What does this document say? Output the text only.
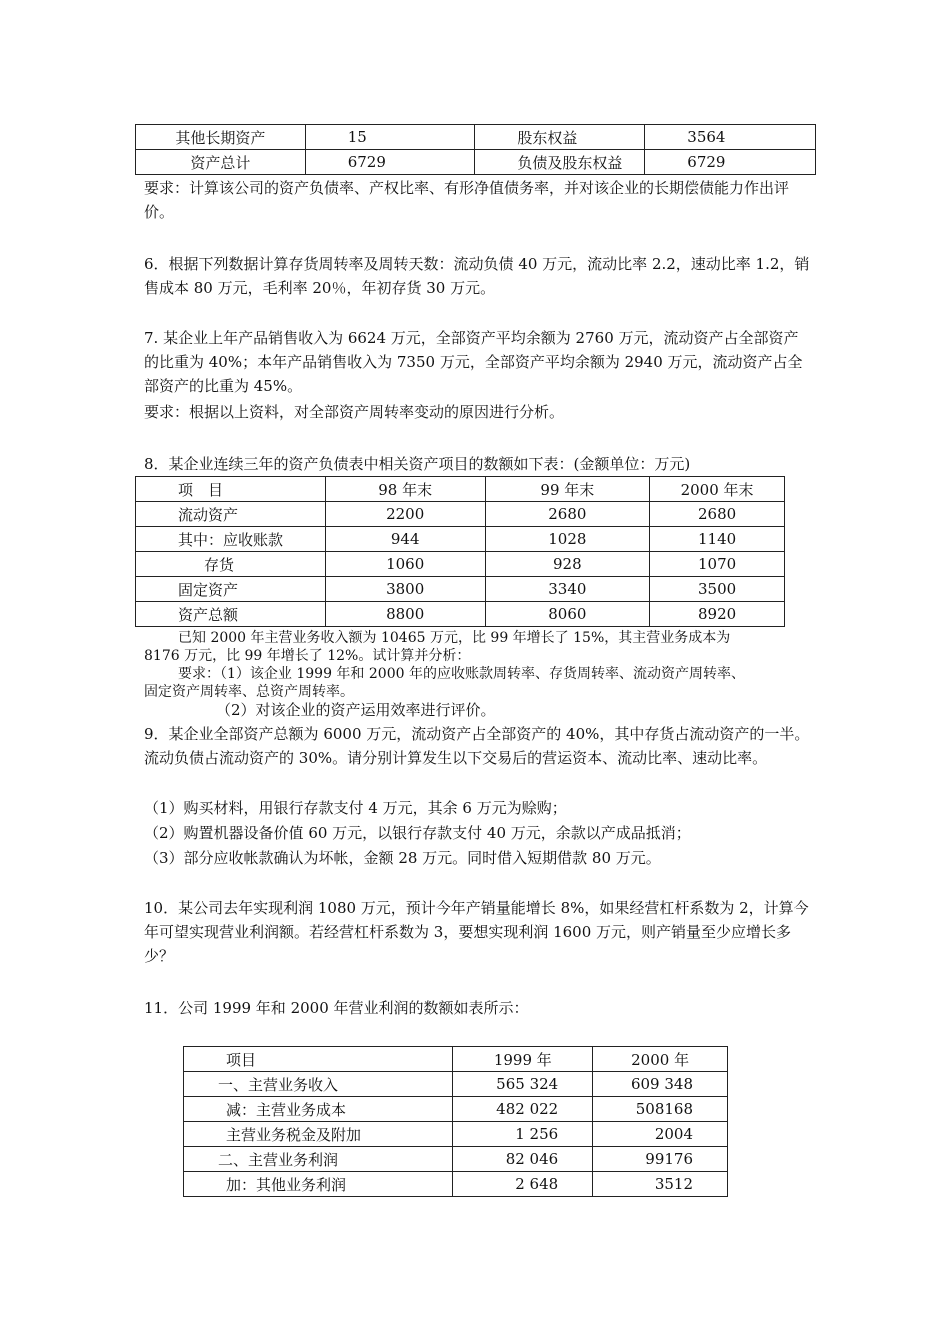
其他长期资产	15	股东权益	3564
资产总计	6729	负债及股东权益	6729
要求：计算该公司的资产负债率、产权比率、有形净值债务率，并对该企业的长期偿债能力作出评价。
6．根据下列数据计算存货周转率及周转天数：流动负债 40 万元，流动比率 2.2，速动比率 1.2，销售成本 80 万元，毛利率 20％，年初存货 30 万元。
7. 某企业上年产品销售收入为 6624 万元，全部资产平均余额为 2760 万元，流动资产占全部资产的比重为 40%；本年产品销售收入为 7350 万元，全部资产平均余额为 2940 万元，流动资产占全部资产的比重为 45%。
要求：根据以上资料，对全部资产周转率变动的原因进行分析。
8．某企业连续三年的资产负债表中相关资产项目的数额如下表：(金额单位：万元)
项　目	98 年末	99 年末	2000 年末
流动资产	2200	2680	2680
其中：应收账款	944	1028	1140
存货	1060	928	1070
固定资产	3800	3340	3500
资产总额	8800	8060	8920
已知 2000 年主营业务收入额为 10465 万元，比 99 年增长了 15%，其主营业务成本为
8176 万元，比 99 年增长了 12%。试计算并分析：
要求：（1）该企业 1999 年和 2000 年的应收账款周转率、存货周转率、流动资产周转率、
固定资产周转率、总资产周转率。
（2）对该企业的资产运用效率进行评价。
9．某企业全部资产总额为 6000 万元，流动资产占全部资产的 40%，其中存货占流动资产的一半。流动负债占流动资产的 30%。请分别计算发生以下交易后的营运资本、流动比率、速动比率。
（1）购买材料，用银行存款支付 4 万元，其余 6 万元为赊购；
（2）购置机器设备价值 60 万元，以银行存款支付 40 万元，余款以产成品抵消；
（3）部分应收帐款确认为坏帐，金额 28 万元。同时借入短期借款 80 万元。
10．某公司去年实现利润 1080 万元，预计今年产销量能增长 8%，如果经营杠杆系数为 2，计算今年可望实现营业利润额。若经营杠杆系数为 3，要想实现利润 1600 万元，则产销量至少应增长多少？
11．公司 1999 年和 2000 年营业利润的数额如表所示：
项目	1999 年	2000 年
一、主营业务收入	565 324	609 348
减：主营业务成本	482 022	508168
主营业务税金及附加	1 256	2004
二、主营业务利润	82 046	99176
加：其他业务利润	2 648	3512
